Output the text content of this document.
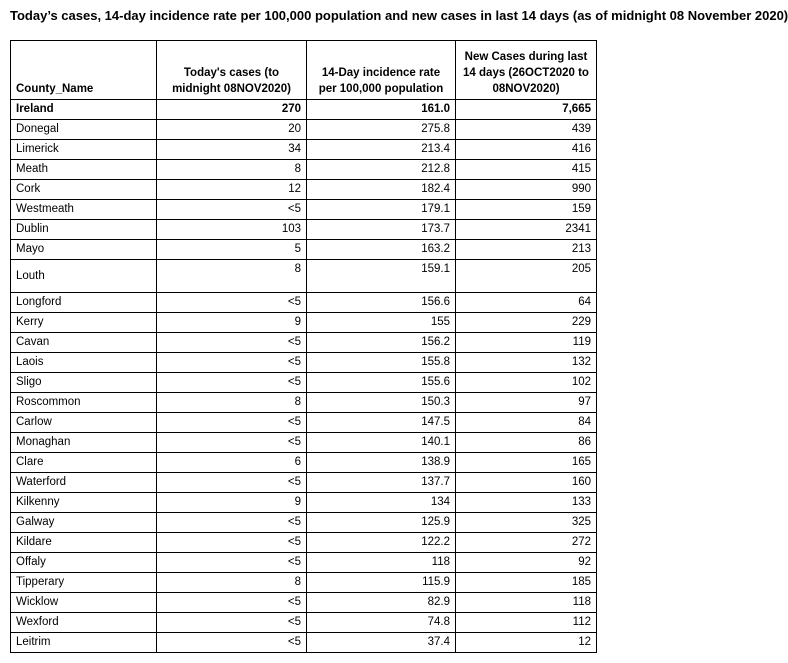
Today’s cases, 14-day incidence rate per 100,000 population and new cases in last 14 days (as of midnight 08 November 2020)
County_Name	Today's cases (to midnight 08NOV2020)	14-Day incidence rate per 100,000 population	New Cases during last 14 days (26OCT2020 to 08NOV2020)
Ireland	270	161.0	7,665
Donegal	20	275.8	439
Limerick	34	213.4	416
Meath	8	212.8	415
Cork	12	182.4	990
Westmeath	<5	179.1	159
Dublin	103	173.7	2341
Mayo	5	163.2	213
Louth	8	159.1	205
Longford	<5	156.6	64
Kerry	9	155	229
Cavan	<5	156.2	119
Laois	<5	155.8	132
Sligo	<5	155.6	102
Roscommon	8	150.3	97
Carlow	<5	147.5	84
Monaghan	<5	140.1	86
Clare	6	138.9	165
Waterford	<5	137.7	160
Kilkenny	9	134	133
Galway	<5	125.9	325
Kildare	<5	122.2	272
Offaly	<5	118	92
Tipperary	8	115.9	185
Wicklow	<5	82.9	118
Wexford	<5	74.8	112
Leitrim	<5	37.4	12
